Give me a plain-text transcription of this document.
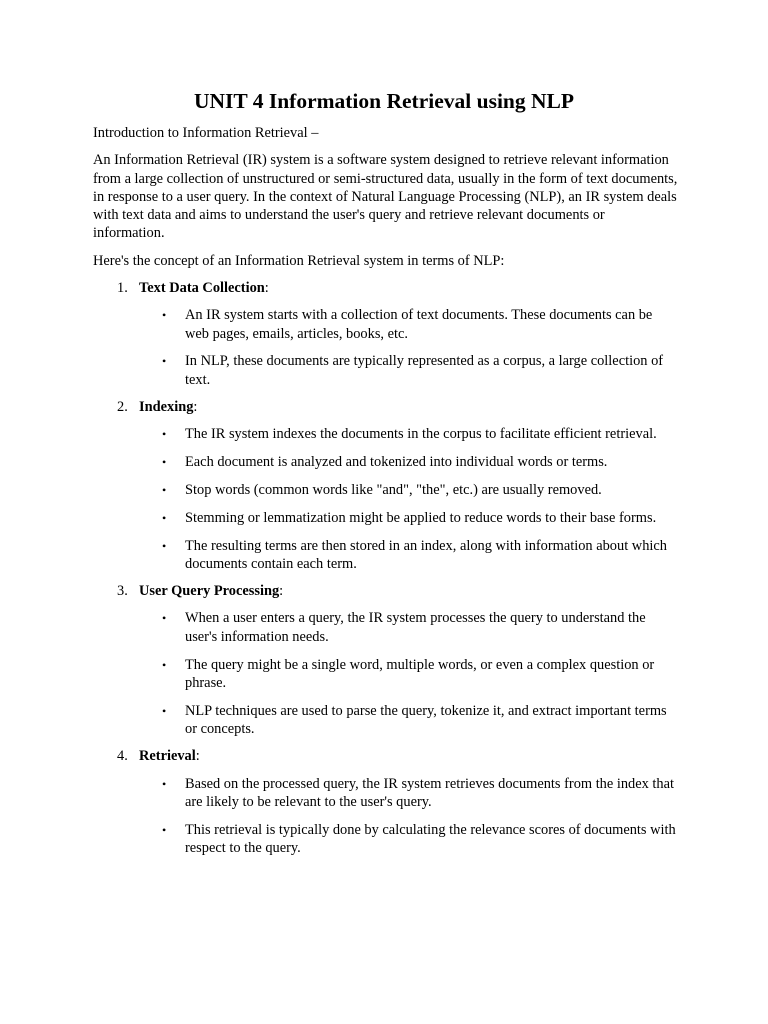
UNIT 4 Information Retrieval using NLP

Introduction to Information Retrieval –

An Information Retrieval (IR) system is a software system designed to retrieve relevant information from a large collection of unstructured or semi-structured data, usually in the form of text documents, in response to a user query. In the context of Natural Language Processing (NLP), an IR system deals with text data and aims to understand the user's query and retrieve relevant documents or information.

Here's the concept of an Information Retrieval system in terms of NLP:

1. Text Data Collection:
• An IR system starts with a collection of text documents. These documents can be web pages, emails, articles, books, etc.
• In NLP, these documents are typically represented as a corpus, a large collection of text.
2. Indexing:
• The IR system indexes the documents in the corpus to facilitate efficient retrieval.
• Each document is analyzed and tokenized into individual words or terms.
• Stop words (common words like "and", "the", etc.) are usually removed.
• Stemming or lemmatization might be applied to reduce words to their base forms.
• The resulting terms are then stored in an index, along with information about which documents contain each term.
3. User Query Processing:
• When a user enters a query, the IR system processes the query to understand the user's information needs.
• The query might be a single word, multiple words, or even a complex question or phrase.
• NLP techniques are used to parse the query, tokenize it, and extract important terms or concepts.
4. Retrieval:
• Based on the processed query, the IR system retrieves documents from the index that are likely to be relevant to the user's query.
• This retrieval is typically done by calculating the relevance scores of documents with respect to the query.
